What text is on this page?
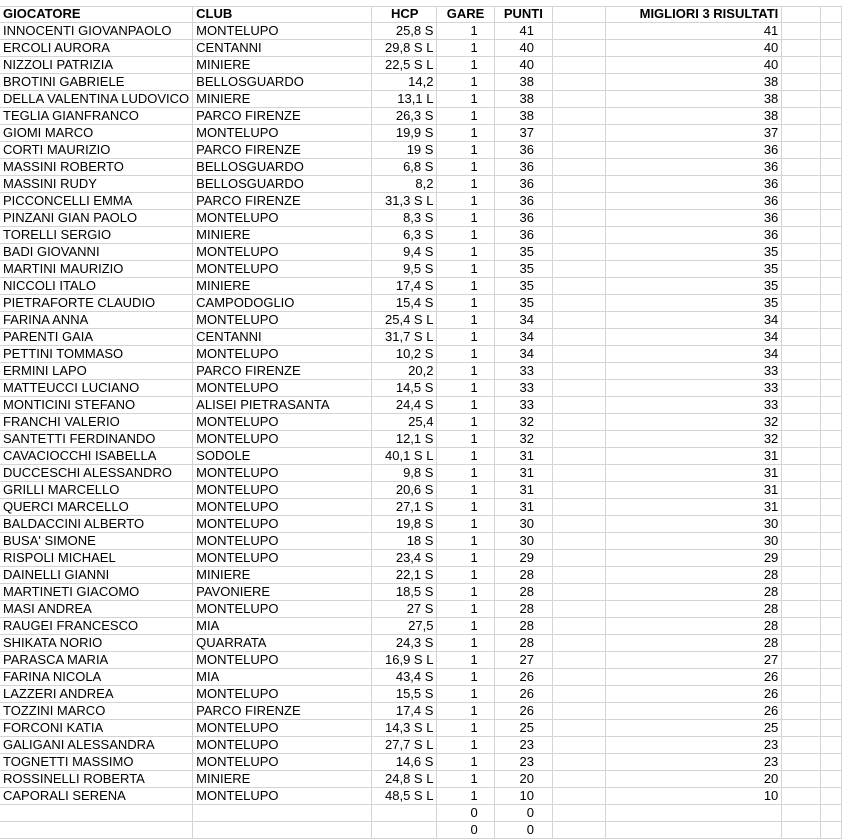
GIOCATORE	CLUB	HCP	GARE	PUNTI		MIGLIORI 3 RISULTATI		
INNOCENTI GIOVANPAOLO	MONTELUPO	25,8 S	1	41		41		
ERCOLI AURORA	CENTANNI	29,8 S L	1	40		40		
NIZZOLI PATRIZIA	MINIERE	22,5 S L	1	40		40		
BROTINI GABRIELE	BELLOSGUARDO	14,2	1	38		38		
DELLA VALENTINA LUDOVICO	MINIERE	13,1 L	1	38		38		
TEGLIA GIANFRANCO	PARCO FIRENZE	26,3 S	1	38		38		
GIOMI MARCO	MONTELUPO	19,9 S	1	37		37		
CORTI MAURIZIO	PARCO FIRENZE	19 S	1	36		36		
MASSINI ROBERTO	BELLOSGUARDO	6,8 S	1	36		36		
MASSINI RUDY	BELLOSGUARDO	8,2	1	36		36		
PICCONCELLI EMMA	PARCO FIRENZE	31,3 S L	1	36		36		
PINZANI GIAN PAOLO	MONTELUPO	8,3 S	1	36		36		
TORELLI SERGIO	MINIERE	6,3 S	1	36		36		
BADI GIOVANNI	MONTELUPO	9,4 S	1	35		35		
MARTINI MAURIZIO	MONTELUPO	9,5 S	1	35		35		
NICCOLI ITALO	MINIERE	17,4 S	1	35		35		
PIETRAFORTE CLAUDIO	CAMPODOGLIO	15,4 S	1	35		35		
FARINA ANNA	MONTELUPO	25,4 S L	1	34		34		
PARENTI GAIA	CENTANNI	31,7 S L	1	34		34		
PETTINI TOMMASO	MONTELUPO	10,2 S	1	34		34		
ERMINI LAPO	PARCO FIRENZE	20,2	1	33		33		
MATTEUCCI LUCIANO	MONTELUPO	14,5 S	1	33		33		
MONTICINI STEFANO	ALISEI PIETRASANTA	24,4 S	1	33		33		
FRANCHI VALERIO	MONTELUPO	25,4	1	32		32		
SANTETTI FERDINANDO	MONTELUPO	12,1 S	1	32		32		
CAVACIOCCHI ISABELLA	SODOLE	40,1 S L	1	31		31		
DUCCESCHI ALESSANDRO	MONTELUPO	9,8 S	1	31		31		
GRILLI MARCELLO	MONTELUPO	20,6 S	1	31		31		
QUERCI MARCELLO	MONTELUPO	27,1 S	1	31		31		
BALDACCINI ALBERTO	MONTELUPO	19,8 S	1	30		30		
BUSA' SIMONE	MONTELUPO	18 S	1	30		30		
RISPOLI MICHAEL	MONTELUPO	23,4 S	1	29		29		
DAINELLI GIANNI	MINIERE	22,1 S	1	28		28		
MARTINETI GIACOMO	PAVONIERE	18,5 S	1	28		28		
MASI ANDREA	MONTELUPO	27 S	1	28		28		
RAUGEI FRANCESCO	MIA	27,5	1	28		28		
SHIKATA NORIO	QUARRATA	24,3 S	1	28		28		
PARASCA MARIA	MONTELUPO	16,9 S L	1	27		27		
FARINA NICOLA	MIA	43,4 S	1	26		26		
LAZZERI ANDREA	MONTELUPO	15,5 S	1	26		26		
TOZZINI MARCO	PARCO FIRENZE	17,4 S	1	26		26		
FORCONI KATIA	MONTELUPO	14,3 S L	1	25		25		
GALIGANI ALESSANDRA	MONTELUPO	27,7 S L	1	23		23		
TOGNETTI MASSIMO	MONTELUPO	14,6 S	1	23		23		
ROSSINELLI ROBERTA	MINIERE	24,8 S L	1	20		20		
CAPORALI SERENA	MONTELUPO	48,5 S L	1	10		10		
			0	0				
			0	0				
